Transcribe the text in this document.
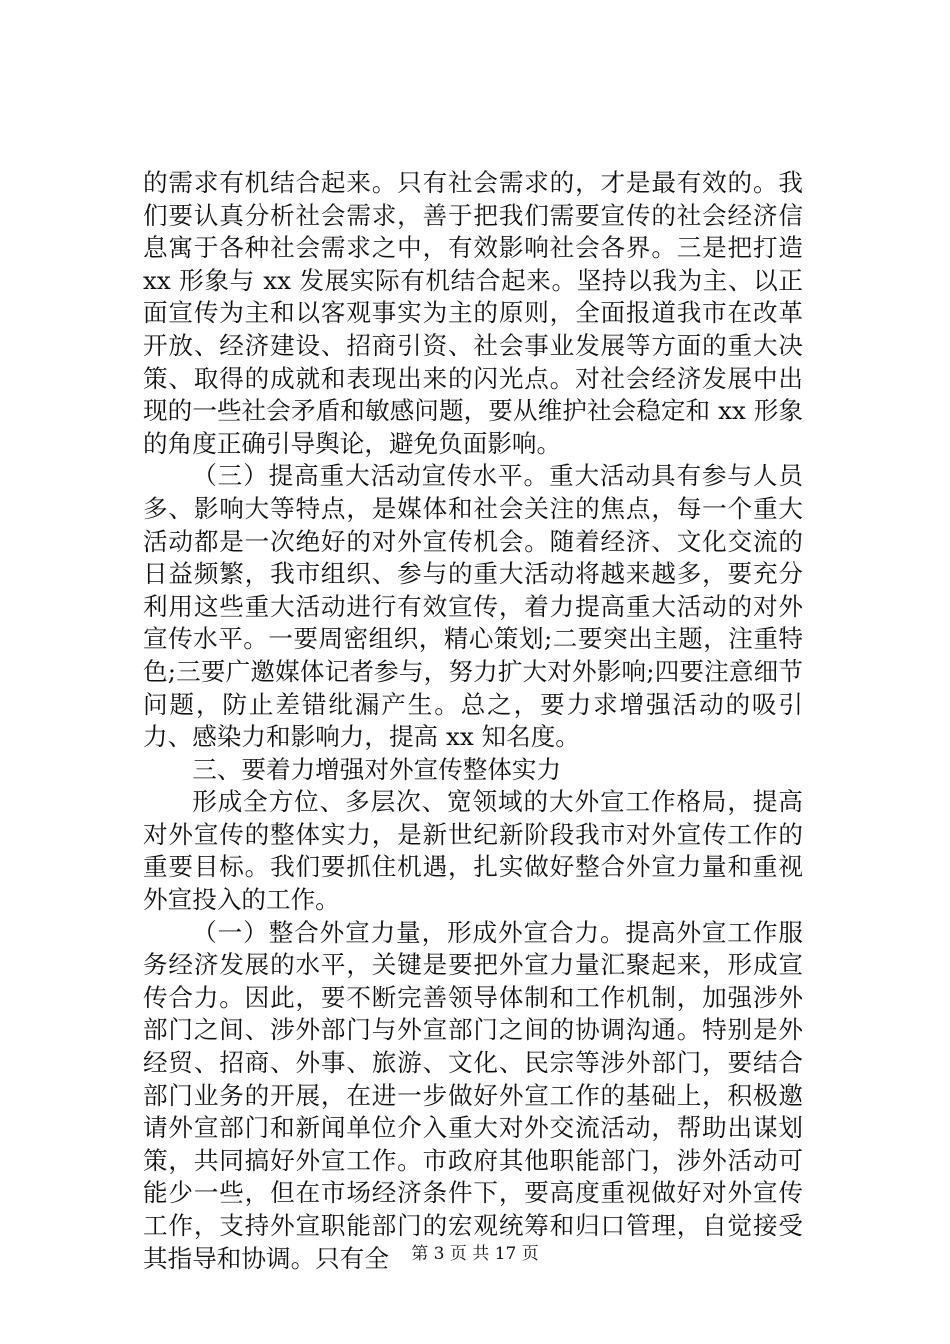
的需求有机结合起来。只有社会需求的，才是最有效的。我们要认真分析社会需求，善于把我们需要宣传的社会经济信息寓于各种社会需求之中，有效影响社会各界。三是把打造 xx 形象与 xx 发展实际有机结合起来。坚持以我为主、以正面宣传为主和以客观事实为主的原则，全面报道我市在改革开放、经济建设、招商引资、社会事业发展等方面的重大决策、取得的成就和表现出来的闪光点。对社会经济发展中出现的一些社会矛盾和敏感问题，要从维护社会稳定和 xx 形象的角度正确引导舆论，避免负面影响。

（三）提高重大活动宣传水平。重大活动具有参与人员多、影响大等特点，是媒体和社会关注的焦点，每一个重大活动都是一次绝好的对外宣传机会。随着经济、文化交流的日益频繁，我市组织、参与的重大活动将越来越多，要充分利用这些重大活动进行有效宣传，着力提高重大活动的对外宣传水平。一要周密组织，精心策划;二要突出主题，注重特色;三要广邀媒体记者参与，努力扩大对外影响;四要注意细节问题，防止差错纰漏产生。总之，要力求增强活动的吸引力、感染力和影响力，提高 xx 知名度。

三、要着力增强对外宣传整体实力

形成全方位、多层次、宽领域的大外宣工作格局，提高对外宣传的整体实力，是新世纪新阶段我市对外宣传工作的重要目标。我们要抓住机遇，扎实做好整合外宣力量和重视外宣投入的工作。

（一）整合外宣力量，形成外宣合力。提高外宣工作服务经济发展的水平，关键是要把外宣力量汇聚起来，形成宣传合力。因此，要不断完善领导体制和工作机制，加强涉外部门之间、涉外部门与外宣部门之间的协调沟通。特别是外经贸、招商、外事、旅游、文化、民宗等涉外部门，要结合部门业务的开展，在进一步做好外宣工作的基础上，积极邀请外宣部门和新闻单位介入重大对外交流活动，帮助出谋划策，共同搞好外宣工作。市政府其他职能部门，涉外活动可能少一些，但在市场经济条件下，要高度重视做好对外宣传工作，支持外宣职能部门的宏观统筹和归口管理，自觉接受其指导和协调。只有全	第 3 页 共 17 页
